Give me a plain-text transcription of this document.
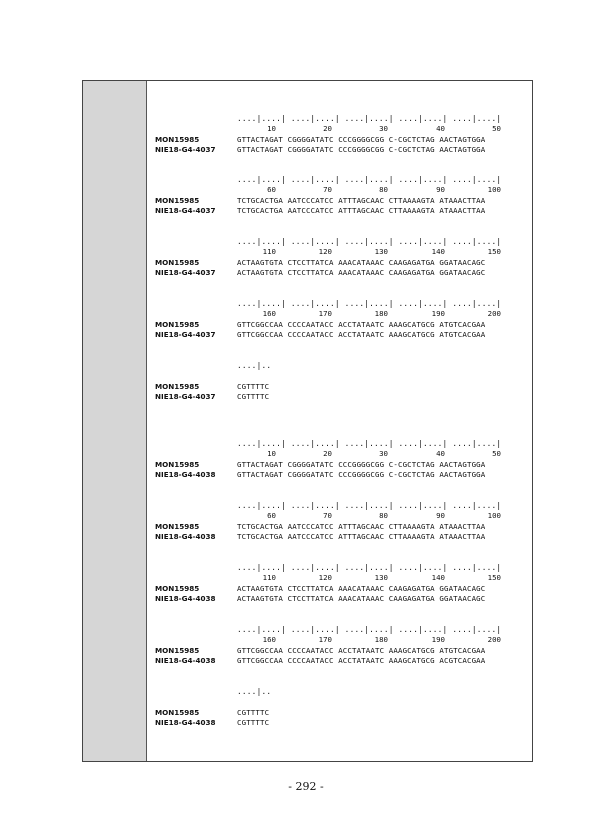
....|....| ....|....| ....|....| ....|....| ....|....|
10	20	30	40	50
MON15985	GTTACTAGAT CGGGGATATC CCCGGGGCGG C-CGCTCTAG AACTAGTGGA
NIE18-G4-4037	GTTACTAGAT CGGGGATATC CCCGGGGCGG C-CGCTCTAG AACTAGTGGA
....|....| ....|....| ....|....| ....|....| ....|....|
60	70	80	90	100
MON15985	TCTGCACTGA AATCCCATCC ATTTAGCAAC CTTAAAAGTA ATAAACTTAA
NIE18-G4-4037	TCTGCACTGA AATCCCATCC ATTTAGCAAC CTTAAAAGTA ATAAACTTAA
....|....| ....|....| ....|....| ....|....| ....|....|
110	120	130	140	150
MON15985	ACTAAGTGTA CTCCTTATCA AAACATAAAC CAAGAGATGA GGATAACAGC
NIE18-G4-4037	ACTAAGTGTA CTCCTTATCA AAACATAAAC CAAGAGATGA GGATAACAGC
....|....| ....|....| ....|....| ....|....| ....|....|
160	170	180	190	200
MON15985	GTTCGGCCAA CCCCAATACC ACCTATAATC AAAGCATGCG ATGTCACGAA
NIE18-G4-4037	GTTCGGCCAA CCCCAATACC ACCTATAATC AAAGCATGCG ATGTCACGAA
....|..
MON15985	CGTTTTC
NIE18-G4-4037	CGTTTTC
....|....| ....|....| ....|....| ....|....| ....|....|
10	20	30	40	50
MON15985	GTTACTAGAT CGGGGATATC CCCGGGGCGG C-CGCTCTAG AACTAGTGGA
NIE18-G4-4038	GTTACTAGAT CGGGGATATC CCCGGGGCGG C-CGCTCTAG AACTAGTGGA
....|....| ....|....| ....|....| ....|....| ....|....|
60	70	80	90	100
MON15985	TCTGCACTGA AATCCCATCC ATTTAGCAAC CTTAAAAGTA ATAAACTTAA
NIE18-G4-4038	TCTGCACTGA AATCCCATCC ATTTAGCAAC CTTAAAAGTA ATAAACTTAA
....|....| ....|....| ....|....| ....|....| ....|....|
110	120	130	140	150
MON15985	ACTAAGTGTA CTCCTTATCA AAACATAAAC CAAGAGATGA GGATAACAGC
NIE18-G4-4038	ACTAAGTGTA CTCCTTATCA AAACATAAAC CAAGAGATGA GGATAACAGC
....|....| ....|....| ....|....| ....|....| ....|....|
160	170	180	190	200
MON15985	GTTCGGCCAA CCCCAATACC ACCTATAATC AAAGCATGCG ATGTCACGAA
NIE18-G4-4038	GTTCGGCCAA CCCCAATACC ACCTATAATC AAAGCATGCG ACGTCACGAA
....|..
MON15985	CGTTTTC
NIE18-G4-4038	CGTTTTC
- 292 -
